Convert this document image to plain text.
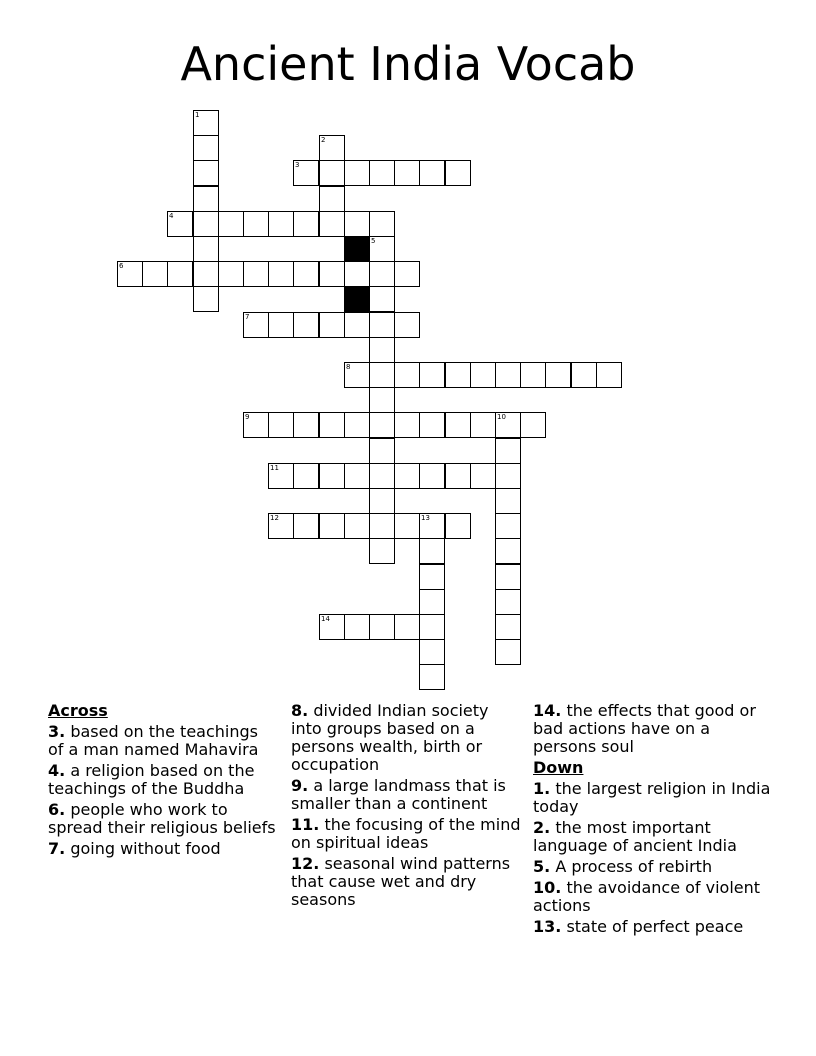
Ancient India Vocab
1
2
3
4
5
6
7
8
9	10
11
12	13
14
Across
3. based on the teachings of a man named Mahavira
4. a religion based on the teachings of the Buddha
6. people who work to spread their religious beliefs
7. going without food
8. divided Indian society into groups based on a persons wealth, birth or occupation
9. a large landmass that is smaller than a continent
11. the focusing of the mind on spiritual ideas
12. seasonal wind patterns that cause wet and dry seasons
14. the effects that good or bad actions have on a persons soul
Down
1. the largest religion in India today
2. the most important language of ancient India
5. A process of rebirth
10. the avoidance of violent actions
13. state of perfect peace
